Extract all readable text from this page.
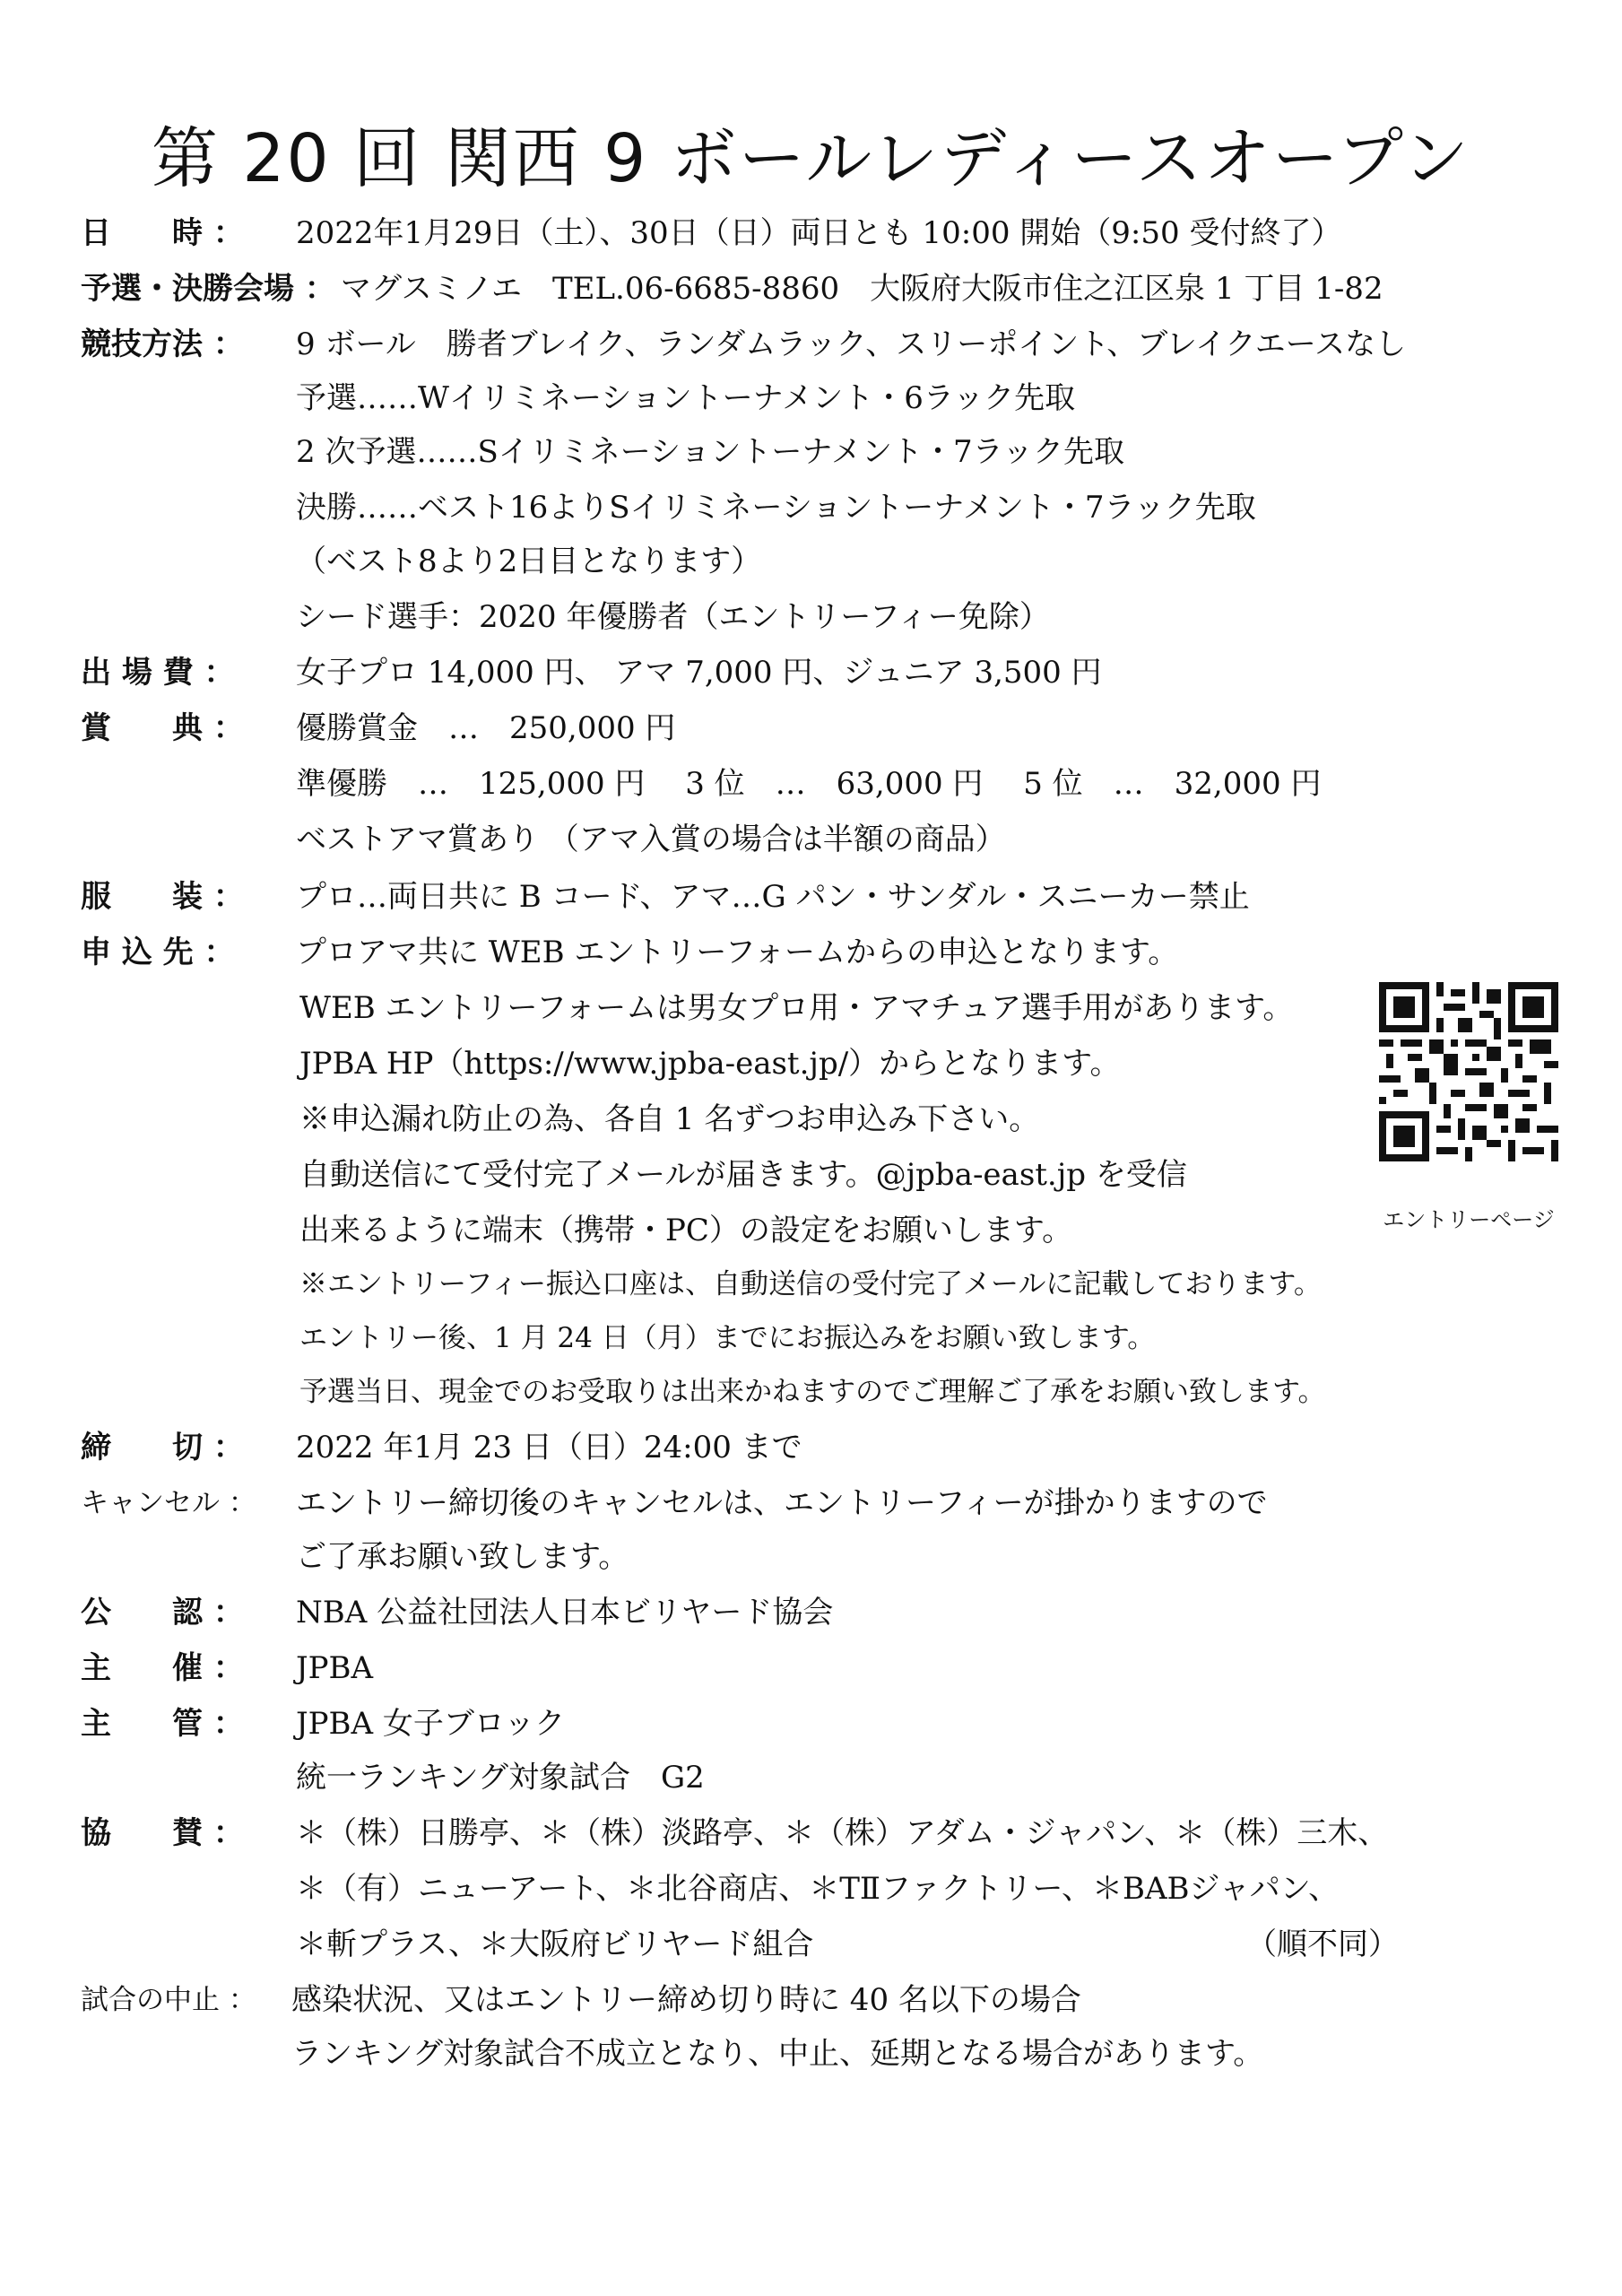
第 20 回 関西 9 ボールレディースオープン
日　　時 ： 2022年1月29日（土）、30日（日）両日とも 10:00 開始（9:50 受付終了）
予選・決勝会場 ： マグスミノエ　TEL.06-6685-8860　大阪府大阪市住之江区泉 1 丁目 1-82
競技方法 ： 9 ボール　勝者ブレイク、ランダムラック、スリーポイント、ブレイクエースなし
予選……Wイリミネーショントーナメント・6ラック先取
2 次予選……Sイリミネーショントーナメント・7ラック先取
決勝……ベスト16よりSイリミネーショントーナメント・7ラック先取
（ベスト8より2日目となります）
シード選手：2020 年優勝者（エントリーフィー免除）
出 場 費 ： 女子プロ 14,000 円、 アマ 7,000 円、ジュニア 3,500 円
賞　　典 ： 優勝賞金　…　250,000 円
準優勝　…　125,000 円　 3 位　…　63,000 円　 5 位　…　32,000 円
ベストアマ賞あり （アマ入賞の場合は半額の商品）
服　　装 ： プロ…両日共に B コード、アマ…G パン・サンダル・スニーカー禁止
申 込 先 ： プロアマ共に WEB エントリーフォームからの申込となります。
WEB エントリーフォームは男女プロ用・アマチュア選手用があります。
JPBA HP（https://www.jpba-east.jp/）からとなります。
※申込漏れ防止の為、各自 1 名ずつお申込み下さい。
自動送信にて受付完了メールが届きます。@jpba-east.jp を受信
出来るように端末（携帯・PC）の設定をお願いします。
※エントリーフィー振込口座は、自動送信の受付完了メールに記載しております。
エントリー後、1 月 24 日（月）までにお振込みをお願い致します。
予選当日、現金でのお受取りは出来かねますのでご理解ご了承をお願い致します。
エントリーページ
締　　切 ： 2022 年1月 23 日（日）24:00 まで
キャンセル ： エントリー締切後のキャンセルは、エントリーフィーが掛かりますので
ご了承お願い致します。
公　　認 ： NBA 公益社団法人日本ビリヤード協会
主　　催 ： JPBA
主　　管 ： JPBA 女子ブロック
統一ランキング対象試合　G2
協　　賛 ： ＊（株）日勝亭、＊（株）淡路亭、＊（株）アダム・ジャパン、＊（株）三木、
＊（有）ニューアート、＊北谷商店、＊TⅡファクトリー、＊BABジャパン、
＊斬プラス、＊大阪府ビリヤード組合	（順不同）
試合の中止 ： 感染状況、又はエントリー締め切り時に 40 名以下の場合
ランキング対象試合不成立となり、中止、延期となる場合があります。
